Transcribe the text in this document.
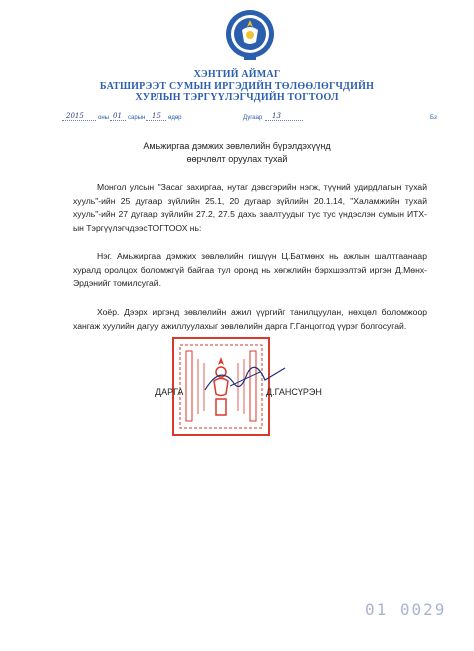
ХЭНТИЙ АЙМАГ
БАТШИРЭЭТ СУМЫН ИРГЭДИЙН ТӨЛӨӨЛӨГЧДИЙН
ХУРЛЫН ТЭРГҮҮЛЭГЧДИЙН ТОГТООЛ
2015 оны 01 сарын 15 өдөр	Дугаар 13	Бз
Амьжиргаа дэмжих зөвлөлийн бүрэлдэхүүнд
өөрчлөлт оруулах тухай

Монгол улсын "Засаг захиргаа, нутаг дэвсгэрийн нэгж, түүний удирдлагын тухай хууль"-ийн 25 дугаар зүйлийн 25.1, 20 дугаар зүйлийн 20.1.14, "Халамжийн тухай хууль"-ийн 27 дугаар зүйлийн 27.2, 27.5 дахь заалтуудыг тус тус үндэслэн сумын ИТХ-ын ТэргүүлэгчдээсТОГТООХ нь:

Нэг. Амьжиргаа дэмжих зөвлөлийн гишүүн Ц.Батмөнх нь ажлын шалтгаанаар хуралд оролцох боломжгүй байгаа тул оронд нь хөгжлийн бэрхшээлтэй иргэн Д.Мөнх-Эрдэнийг томилсугай.

Хоёр. Дээрх иргэнд зөвлөлийн ажил үүргийг танилцуулан, нөхцөл боломжоор хангаж хуулийн дагуу ажиллуулахыг зөвлөлийн дарга Г.Ганцоггод үүрэг болгосугай.

ДАРГА	Д.ГАНСҮРЭН
01 0029
